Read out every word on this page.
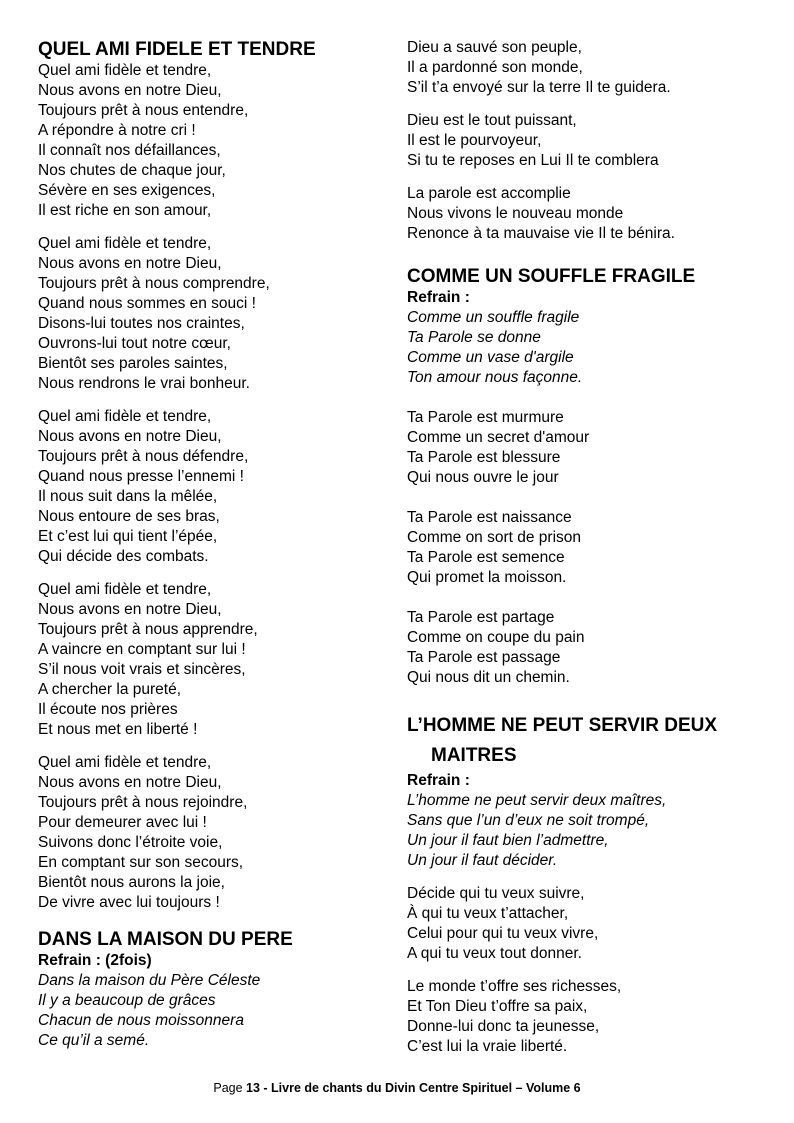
QUEL AMI FIDELE ET TENDRE
Quel ami fidèle et tendre,
Nous avons en notre Dieu,
Toujours prêt à nous entendre,
A répondre à notre cri !
Il connaît nos défaillances,
Nos chutes de chaque jour,
Sévère en ses exigences,
Il est riche en son amour,
Quel ami fidèle et tendre,
Nous avons en notre Dieu,
Toujours prêt à nous comprendre,
Quand nous sommes en souci !
Disons-lui toutes nos craintes,
Ouvrons-lui tout notre cœur,
Bientôt ses paroles saintes,
Nous rendrons le vrai bonheur.
Quel ami fidèle et tendre,
Nous avons en notre Dieu,
Toujours prêt à nous défendre,
Quand nous presse l’ennemi !
Il nous suit dans la mêlée,
Nous entoure de ses bras,
Et c’est lui qui tient l’épée,
Qui décide des combats.
Quel ami fidèle et tendre,
Nous avons en notre Dieu,
Toujours prêt à nous apprendre,
A vaincre en comptant sur lui !
S’il nous voit vrais et sincères,
A chercher la pureté,
Il écoute nos prières
Et nous met en liberté !
Quel ami fidèle et tendre,
Nous avons en notre Dieu,
Toujours prêt à nous rejoindre,
Pour demeurer avec lui !
Suivons donc l’étroite voie,
En comptant sur son secours,
Bientôt nous aurons la joie,
De vivre avec lui toujours !
DANS LA MAISON DU PERE

Refrain : (2fois)

Dans la maison du Père Céleste
Il y a beaucoup de grâces
Chacun de nous moissonnera
Ce qu’il a semé.
Dieu a sauvé son peuple,
Il a pardonné son monde,
S’il t’a envoyé sur la terre Il te guidera.
Dieu est le tout puissant,
Il est le pourvoyeur,
Si tu te reposes en Lui Il te comblera
La parole est accomplie
Nous vivons le nouveau monde
Renonce à ta mauvaise vie Il te bénira.
COMME UN SOUFFLE FRAGILE

Refrain :

Comme un souffle fragile
Ta Parole se donne
Comme un vase d'argile
Ton amour nous façonne.
Ta Parole est murmure
Comme un secret d'amour
Ta Parole est blessure
Qui nous ouvre le jour
Ta Parole est naissance
Comme on sort de prison
Ta Parole est semence
Qui promet la moisson.
Ta Parole est partage
Comme on coupe du pain
Ta Parole est passage
Qui nous dit un chemin.
L’HOMME NE PEUT SERVIR DEUX
MAITRES

Refrain :

L’homme ne peut servir deux maîtres,
Sans que l’un d’eux ne soit trompé,
Un jour il faut bien l’admettre,
Un jour il faut décider.
Décide qui tu veux suivre,
À qui tu veux t’attacher,
Celui pour qui tu veux vivre,
A qui tu veux tout donner.
Le monde t’offre ses richesses,
Et Ton Dieu t’offre sa paix,
Donne-lui donc ta jeunesse,
C’est lui la vraie liberté.
Page 13 - Livre de chants du Divin Centre Spirituel – Volume 6
